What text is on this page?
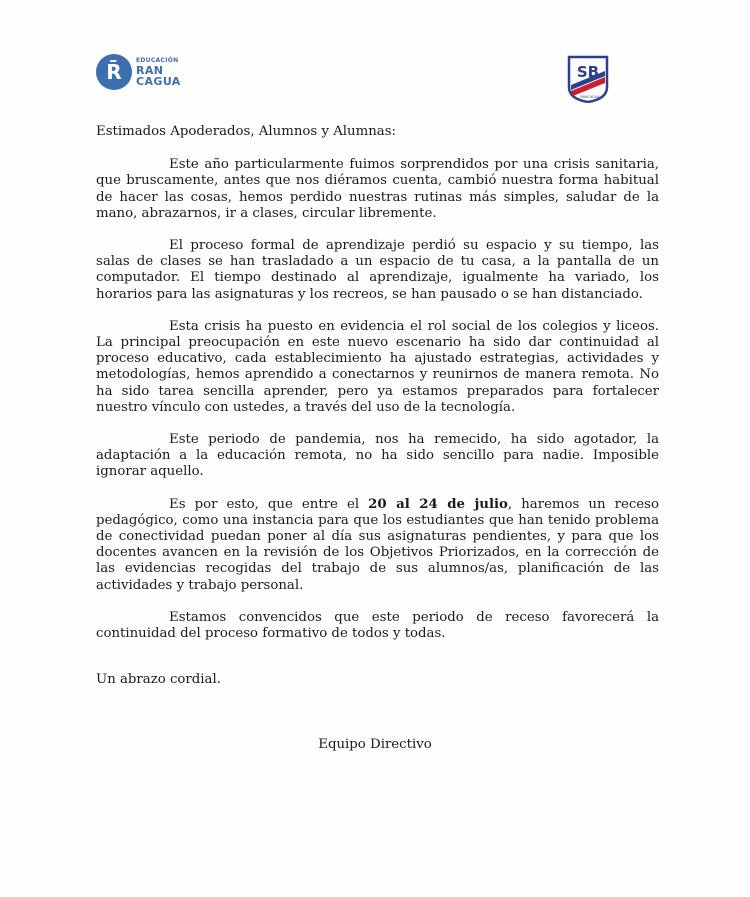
R̄	EDUCACIÓN
RAN
CAGUA	SB
RANCAGUA

Estimados Apoderados, Alumnos y Alumnas:

Este año particularmente fuimos sorprendidos por una crisis sanitaria, que bruscamente, antes que nos diéramos cuenta, cambió nuestra forma habitual de hacer las cosas, hemos perdido nuestras rutinas más simples, saludar de la mano, abrazarnos, ir a clases, circular libremente.

El proceso formal de aprendizaje perdió su espacio y su tiempo, las salas de clases se han trasladado a un espacio de tu casa, a la pantalla de un computador. El tiempo destinado al aprendizaje, igualmente ha variado, los horarios para las asignaturas y los recreos, se han pausado o se han distanciado.

Esta crisis ha puesto en evidencia el rol social de los colegios y liceos. La principal preocupación en este nuevo escenario ha sido dar continuidad al proceso educativo, cada establecimiento ha ajustado estrategias, actividades y metodologías, hemos aprendido a conectarnos y reunirnos de manera remota. No ha sido tarea sencilla aprender, pero ya estamos preparados para fortalecer nuestro vínculo con ustedes, a través del uso de la tecnología.

Este periodo de pandemia, nos ha remecido, ha sido agotador, la adaptación a la educación remota, no ha sido sencillo para nadie. Imposible ignorar aquello.

Es por esto, que entre el 20 al 24 de julio, haremos un receso pedagógico, como una instancia para que los estudiantes que han tenido problema de conectividad puedan poner al día sus asignaturas pendientes, y para que los docentes avancen en la revisión de los Objetivos Priorizados, en la corrección de las evidencias recogidas del trabajo de sus alumnos/as, planificación de las actividades y trabajo personal.

Estamos convencidos que este periodo de receso favorecerá la continuidad del proceso formativo de todos y todas.

Un abrazo cordial.

Equipo Directivo
